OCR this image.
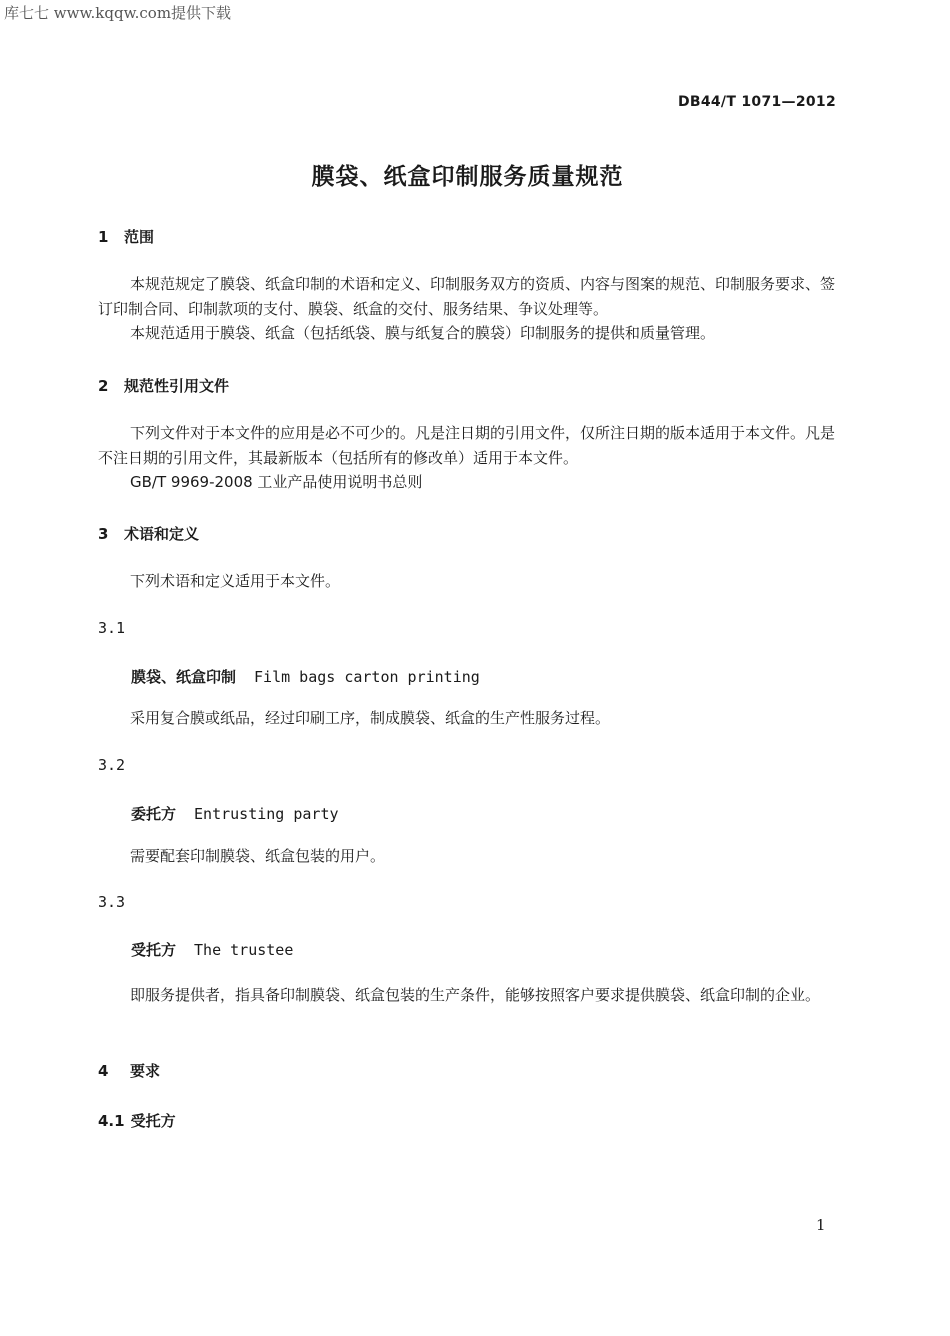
库七七 www.kqqw.com提供下载
DB44/T 1071—2012
膜袋、纸盒印制服务质量规范
1 范围
本规范规定了膜袋、纸盒印制的术语和定义、印制服务双方的资质、内容与图案的规范、印制服务要求、签订印制合同、印制款项的支付、膜袋、纸盒的交付、服务结果、争议处理等。
本规范适用于膜袋、纸盒（包括纸袋、膜与纸复合的膜袋）印制服务的提供和质量管理。
2 规范性引用文件
下列文件对于本文件的应用是必不可少的。凡是注日期的引用文件，仅所注日期的版本适用于本文件。凡是不注日期的引用文件，其最新版本（包括所有的修改单）适用于本文件。
GB/T 9969-2008 工业产品使用说明书总则
3 术语和定义
下列术语和定义适用于本文件。
3.1
膜袋、纸盒印制 Film bags carton printing
采用复合膜或纸品，经过印刷工序，制成膜袋、纸盒的生产性服务过程。
3.2
委托方 Entrusting party
需要配套印制膜袋、纸盒包装的用户。
3.3
受托方 The trustee
即服务提供者，指具备印制膜袋、纸盒包装的生产条件，能够按照客户要求提供膜袋、纸盒印制的企业。
4 要求
4.1 受托方
1
